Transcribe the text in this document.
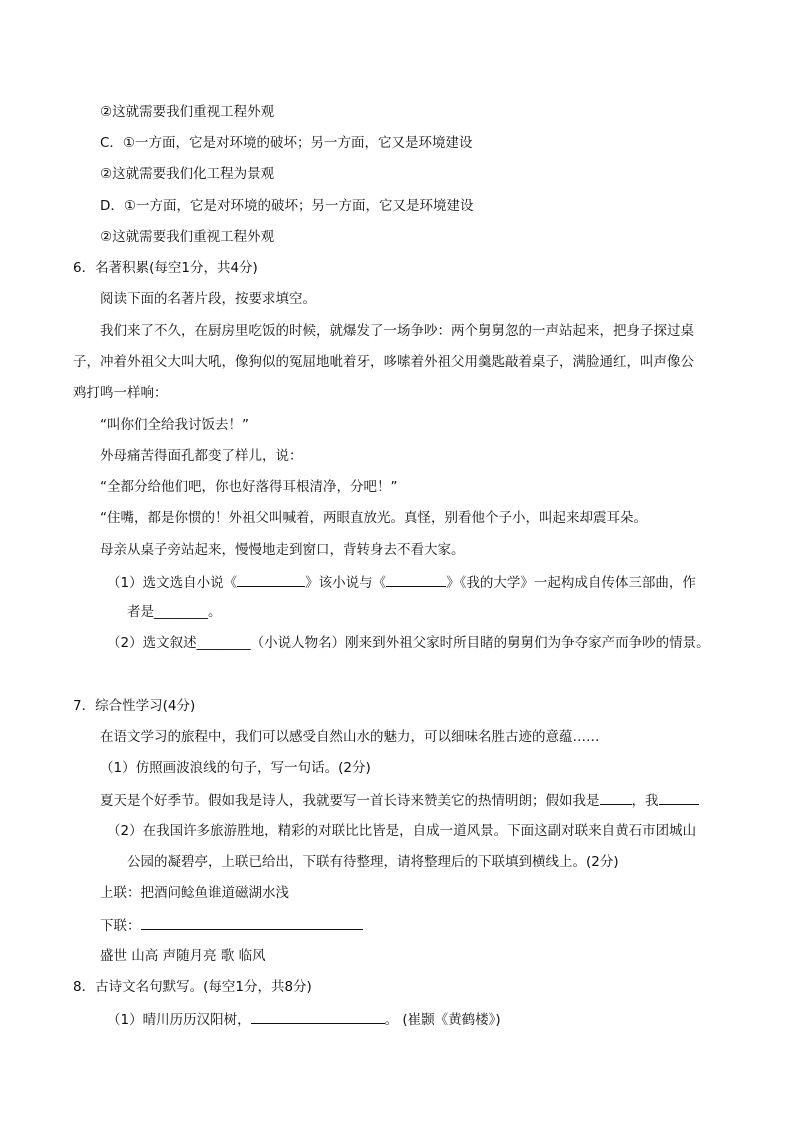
②这就需要我们重视工程外观
C．①一方面，它是对环境的破坏；另一方面，它又是环境建设
②这就需要我们化工程为景观
D．①一方面，它是对环境的破坏；另一方面，它又是环境建设
②这就需要我们重视工程外观
6．名著积累(每空1分，共4分)
阅读下面的名著片段，按要求填空。
我们来了不久，在厨房里吃饭的时候，就爆发了一场争吵：两个舅舅忽的一声站起来，把身子探过桌
子，冲着外祖父大叫大吼，像狗似的冤屈地呲着牙，哆嗦着外祖父用羹匙敲着桌子，满脸通红，叫声像公
鸡打鸣一样响：
“叫你们全给我讨饭去！”
外母痛苦得面孔都变了样儿，说：
“全都分给他们吧，你也好落得耳根清净，分吧！”
“住嘴，都是你惯的！外祖父叫喊着，两眼直放光。真怪，别看他个子小，叫起来却震耳朵。
母亲从桌子旁站起来，慢慢地走到窗口，背转身去不看大家。
（1）选文选自小说《	》该小说与《	》《我的大学》一起构成自传体三部曲，作
者是________。
（2）选文叙述________（小说人物名）刚来到外祖父家时所目睹的舅舅们为争夺家产而争吵的情景。
7．综合性学习(4分)
在语文学习的旅程中，我们可以感受自然山水的魅力，可以细味名胜古迹的意蕴……
（1）仿照画波浪线的句子，写一句话。(2分)
夏天是个好季节。假如我是诗人，我就要写一首长诗来赞美它的热情明朗；假如我是 ，我
（2）在我国许多旅游胜地，精彩的对联比比皆是，自成一道风景。下面这副对联来自黄石市团城山
公园的凝碧亭，上联已给出，下联有待整理，请将整理后的下联填到横线上。(2分)
上联：把酒问鲶鱼谁道磁湖水浅
下联：
盛世 山高 声随月亮 歌 临风
8．古诗文名句默写。(每空1分，共8分)
（1）晴川历历汉阳树，	。 (崔颢《黄鹤楼》)
